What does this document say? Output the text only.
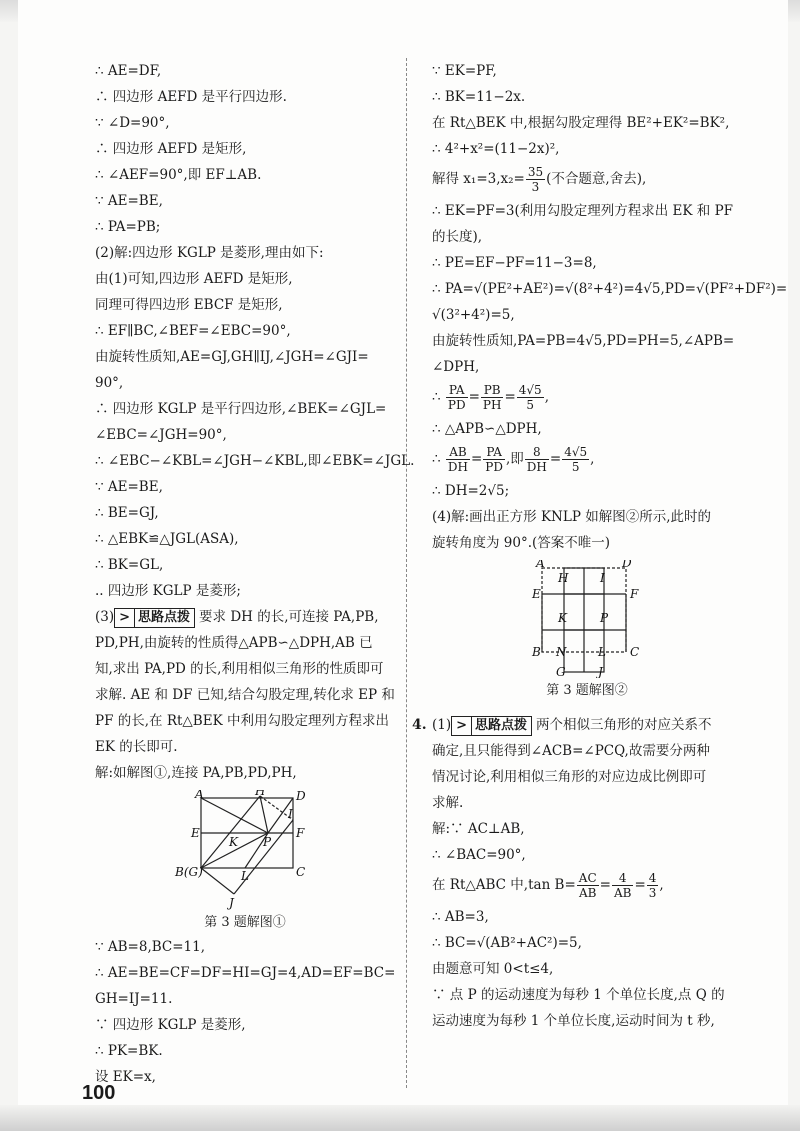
∴ AE=DF,
∴ 四边形 AEFD 是平行四边形.
∵ ∠D=90°,
∴ 四边形 AEFD 是矩形,
∴ ∠AEF=90°,即 EF⊥AB.
∵ AE=BE,
∴ PA=PB;
(2)解:四边形 KGLP 是菱形,理由如下:
由(1)可知,四边形 AEFD 是矩形,
同理可得四边形 EBCF 是矩形,
∴ EF∥BC,∠BEF=∠EBC=90°,
由旋转性质知,AE=GJ,GH∥IJ,∠JGH=∠GJI=
90°,
∴ 四边形 KGLP 是平行四边形,∠BEK=∠GJL=
∠EBC=∠JGH=90°,
∴ ∠EBC−∠KBL=∠JGH−∠KBL,即∠EBK=∠JGL.
∵ AE=BE,
∴ BE=GJ,
∴ △EBK≌△JGL(ASA),
∴ BK=GL,
.. 四边形 KGLP 是菱形;
(3) > 思路点拨 要求 DH 的长,可连接 PA,PB,
PD,PH,由旋转的性质得△APB∽△DPH,AB 已
知,求出 PA,PD 的长,利用相似三角形的性质即可
求解. AE 和 DF 已知,结合勾股定理,转化求 EP 和
PF 的长,在 Rt△BEK 中利用勾股定理列方程求出
EK 的长即可.
解:如解图①,连接 PA,PB,PD,PH,
A	H	D
I
E
K P
F
B(G)	L	C
J
第 3 题解图①
∵ AB=8,BC=11,
∴ AE=BE=CF=DF=HI=GJ=4,AD=EF=BC=
GH=IJ=11.
∵ 四边形 KGLP 是菱形,
∴ PK=BK.
设 EK=x,
∵ EK=PF,
∴ BK=11−2x.
在 Rt△BEK 中,根据勾股定理得 BE²+EK²=BK²,
∴ 4²+x²=(11−2x)²,
解得 $x_1=3,x_2= \frac{35}{3}$ (不合题意,舍去),
∴ EK=PF=3(利用勾股定理列方程求出 EK 和 PF
的长度),
∴ PE=EF−PF=11−3=8,
∴ PA=√(PE²+AE²)=√(8²+4²)=4√5,PD=√(PF²+DF²)=
√(3²+4²)=5,
由旋转性质知,PA=PB=4√5,PD=PH=5,∠APB=
∠DPH,
∴ $\frac{PA}{PD} = \frac{PB}{PH} = \frac{4√5}{5}$ ,
∴ △APB∽△DPH,
∴ $\frac{AB}{DH} = \frac{PA}{PD}$ ,即 $\frac{8}{DH} = \frac{4√5}{5}$ ,
∴ DH=2√5;
(4)解:画出正方形 KNLP 如解图②所示,此时的
旋转角度为 90°.(答案不唯一)
A	D
H	I
E	F
K	P
B N	L C
G	J
第 3 题解图②
4. (1) > 思路点拨 两个相似三角形的对应关系不
确定,且只能得到∠ACB=∠PCQ,故需要分两种
情况讨论,利用相似三角形的对应边成比例即可
求解.
解:∵ AC⊥AB,
∴ ∠BAC=90°,
在 Rt△ABC 中,tan $B= \frac{AC}{AB} = \frac{4}{AB} = \frac{4}{3}$ ,
∴ AB=3,
∴ BC=√(AB²+AC²)=5,
由题意可知 0<t≤4,
∵ 点 P 的运动速度为每秒 1 个单位长度,点 Q 的
运动速度为每秒 1 个单位长度,运动时间为 t 秒,
100
